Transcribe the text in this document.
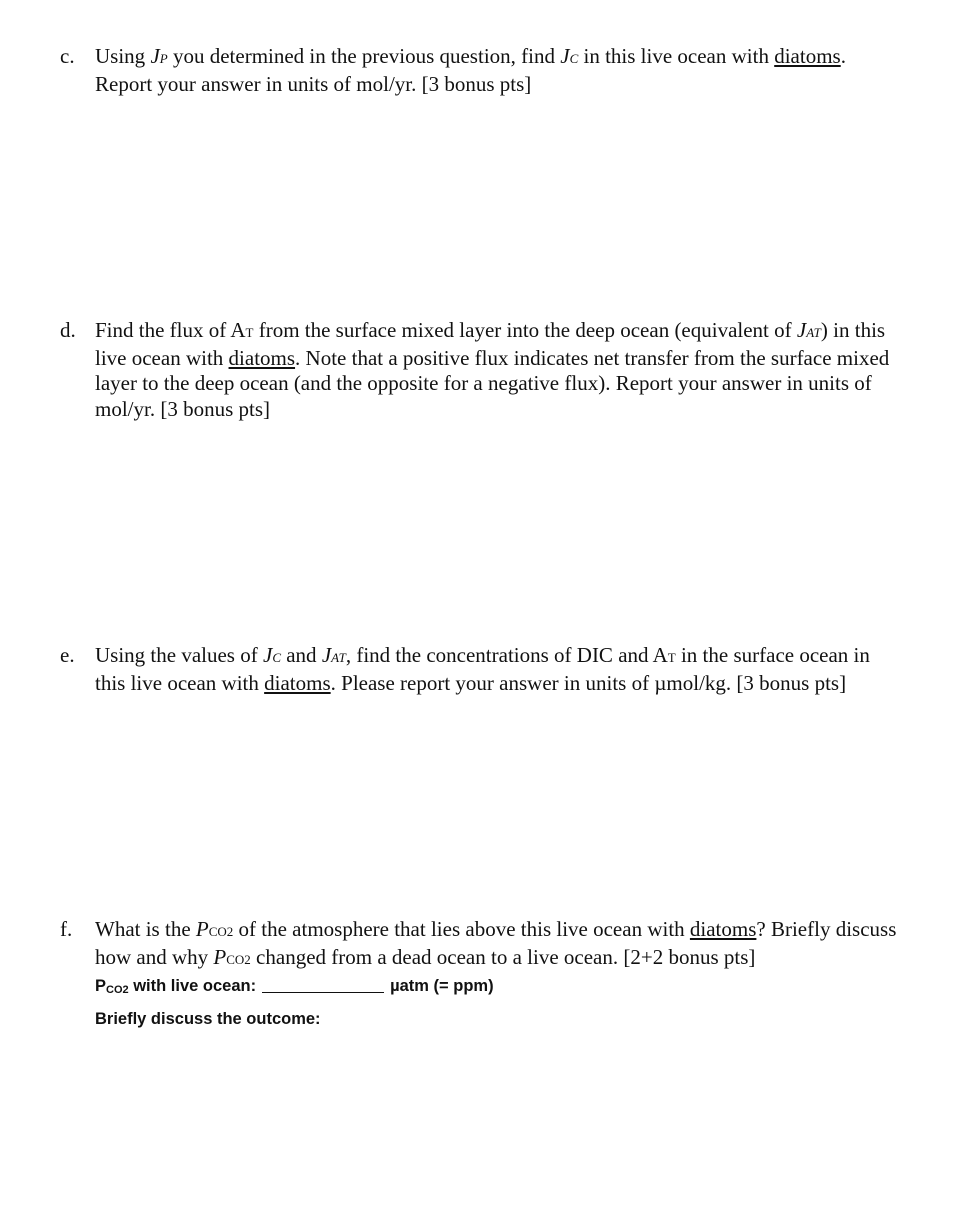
c. Using JP you determined in the previous question, find JC in this live ocean with diatoms.
Report your answer in units of mol/yr. [3 bonus pts]
d. Find the flux of AT from the surface mixed layer into the deep ocean (equivalent of JAT) in this
live ocean with diatoms. Note that a positive flux indicates net transfer from the surface mixed
layer to the deep ocean (and the opposite for a negative flux). Report your answer in units of
mol/yr. [3 bonus pts]
e. Using the values of JC and JAT, find the concentrations of DIC and AT in the surface ocean in
this live ocean with diatoms. Please report your answer in units of µmol/kg. [3 bonus pts]
f. What is the PCO2 of the atmosphere that lies above this live ocean with diatoms? Briefly discuss
how and why PCO2 changed from a dead ocean to a live ocean. [2+2 bonus pts]
PCO2 with live ocean:	µatm (= ppm)
Briefly discuss the outcome:
